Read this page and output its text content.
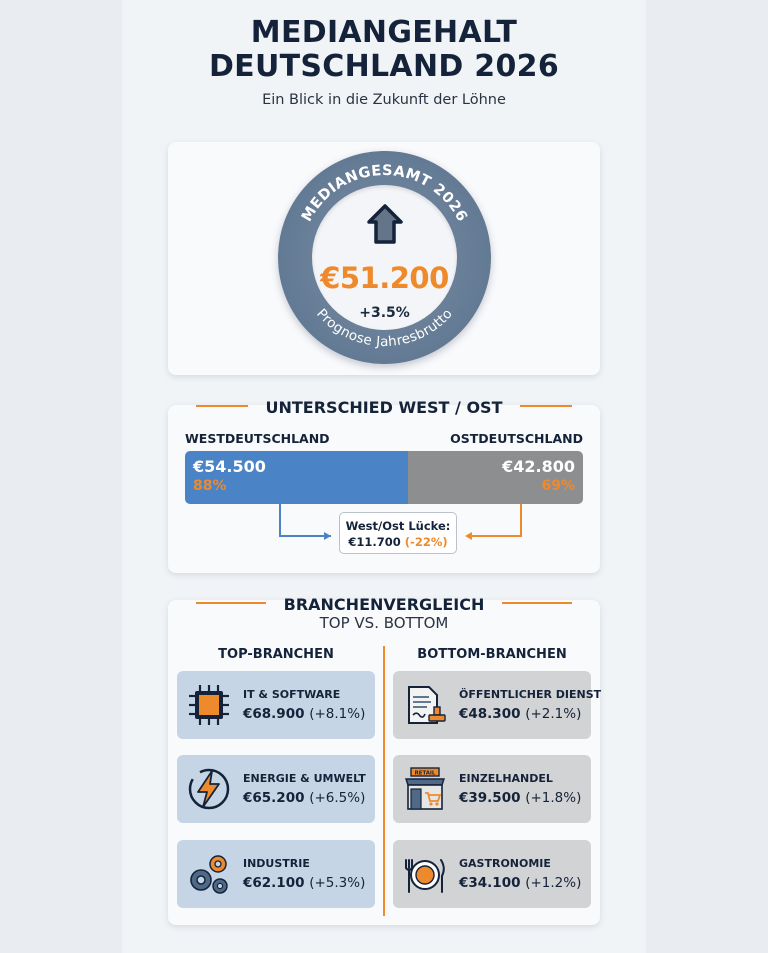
MEDIANGEHALT
DEUTSCHLAND 2026
Ein Blick in die Zukunft der Löhne
MEDIANGESAMT 2026
Prognose Jahresbrutto
€51.200
+3.5%
UNTERSCHIED WEST / OST
WESTDEUTSCHLAND	OSTDEUTSCHLAND
€54.500
88%
€42.800
69%
West/Ost Lücke:
€11.700 (-22%)
BRANCHENVERGLEICH
TOP VS. BOTTOM
TOP-BRANCHEN	BOTTOM-BRANCHEN
IT & SOFTWARE
€68.900 (+8.1%)
ENERGIE & UMWELT
€65.200 (+6.5%)
INDUSTRIE
€62.100 (+5.3%)
ÖFFENTLICHER DIENST
€48.300 (+2.1%)
RETAIL EINZELHANDEL
€39.500 (+1.8%)
GASTRONOMIE
€34.100 (+1.2%)
